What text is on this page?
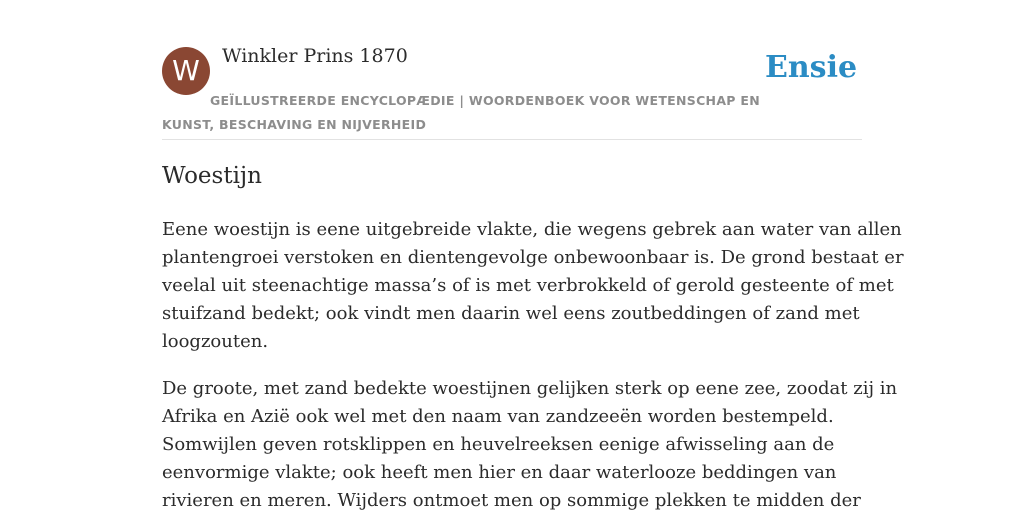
W	Winkler Prins 1870	Ensie
GEÏLLUSTREERDE ENCYCLOPÆDIE | WOORDENBOEK VOOR WETENSCHAP EN KUNST, BESCHAVING EN NIJVERHEID
Woestijn

Eene woestijn is eene uitgebreide vlakte, die wegens gebrek aan water van allen
plantengroei verstoken en dientengevolge onbewoonbaar is. De grond bestaat er
veelal uit steenachtige massa’s of is met verbrokkeld of gerold gesteente of met
stuifzand bedekt; ook vindt men daarin wel eens zoutbeddingen of zand met
loogzouten.

De groote, met zand bedekte woestijnen gelijken sterk op eene zee, zoodat zij in
Afrika en Azië ook wel met den naam van zandzeeën worden bestempeld.
Somwijlen geven rotsklippen en heuvelreeksen eenige afwisseling aan de
eenvormige vlakte; ook heeft men hier en daar waterlooze beddingen van
rivieren en meren. Wijders ontmoet men op sommige plekken te midden der
